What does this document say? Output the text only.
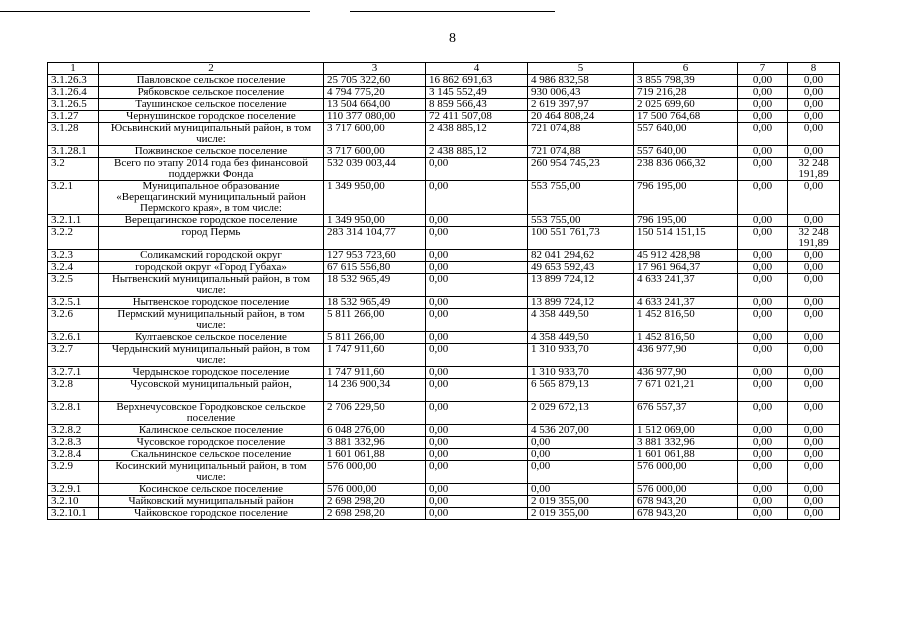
8
1	2	3	4	5	6	7	8
3.1.26.3	Павловское сельское поселение	25 705 322,60	16 862 691,63	4 986 832,58	3 855 798,39	0,00	0,00
3.1.26.4	Рябковское сельское поселение	4 794 775,20	3 145 552,49	930 006,43	719 216,28	0,00	0,00
3.1.26.5	Таушинское сельское поселение	13 504 664,00	8 859 566,43	2 619 397,97	2 025 699,60	0,00	0,00
3.1.27	Чернушинское городское поселение	110 377 080,00	72 411 507,08	20 464 808,24	17 500 764,68	0,00	0,00
3.1.28	Юсьвинский муниципальный район, в том числе:	3 717 600,00	2 438 885,12	721 074,88	557 640,00	0,00	0,00
3.1.28.1	Пожвинское сельское поселение	3 717 600,00	2 438 885,12	721 074,88	557 640,00	0,00	0,00
3.2	Всего по этапу 2014 года без финансовой поддержки Фонда	532 039 003,44	0,00	260 954 745,23	238 836 066,32	0,00	32 248 191,89
3.2.1	Муниципальное образование «Верещагинский муниципальный район Пермского края», в том числе:	1 349 950,00	0,00	553 755,00	796 195,00	0,00	0,00
3.2.1.1	Верещагинское городское поселение	1 349 950,00	0,00	553 755,00	796 195,00	0,00	0,00
3.2.2	город Пермь	283 314 104,77	0,00	100 551 761,73	150 514 151,15	0,00	32 248 191,89
3.2.3	Соликамский городской округ	127 953 723,60	0,00	82 041 294,62	45 912 428,98	0,00	0,00
3.2.4	городской округ «Город Губаха»	67 615 556,80	0,00	49 653 592,43	17 961 964,37	0,00	0,00
3.2.5	Нытвенский муниципальный район, в том числе:	18 532 965,49	0,00	13 899 724,12	4 633 241,37	0,00	0,00
3.2.5.1	Нытвенское городское поселение	18 532 965,49	0,00	13 899 724,12	4 633 241,37	0,00	0,00
3.2.6	Пермский муниципальный район, в том числе:	5 811 266,00	0,00	4 358 449,50	1 452 816,50	0,00	0,00
3.2.6.1	Култаевское сельское поселение	5 811 266,00	0,00	4 358 449,50	1 452 816,50	0,00	0,00
3.2.7	Чердынский муниципальный район, в том числе:	1 747 911,60	0,00	1 310 933,70	436 977,90	0,00	0,00
3.2.7.1	Чердынское городское поселение	1 747 911,60	0,00	1 310 933,70	436 977,90	0,00	0,00
3.2.8	Чусовской муниципальный район,	14 236 900,34	0,00	6 565 879,13	7 671 021,21	0,00	0,00
3.2.8.1	Верхнечусовское Городковское сельское поселение	2 706 229,50	0,00	2 029 672,13	676 557,37	0,00	0,00
3.2.8.2	Калинское сельское поселение	6 048 276,00	0,00	4 536 207,00	1 512 069,00	0,00	0,00
3.2.8.3	Чусовское городское поселение	3 881 332,96	0,00	0,00	3 881 332,96	0,00	0,00
3.2.8.4	Скальнинское сельское поселение	1 601 061,88	0,00	0,00	1 601 061,88	0,00	0,00
3.2.9	Косинский муниципальный район, в том числе:	576 000,00	0,00	0,00	576 000,00	0,00	0,00
3.2.9.1	Косинское сельское поселение	576 000,00	0,00	0,00	576 000,00	0,00	0,00
3.2.10	Чайковский муниципальный район	2 698 298,20	0,00	2 019 355,00	678 943,20	0,00	0,00
3.2.10.1	Чайковское городское поселение	2 698 298,20	0,00	2 019 355,00	678 943,20	0,00	0,00
